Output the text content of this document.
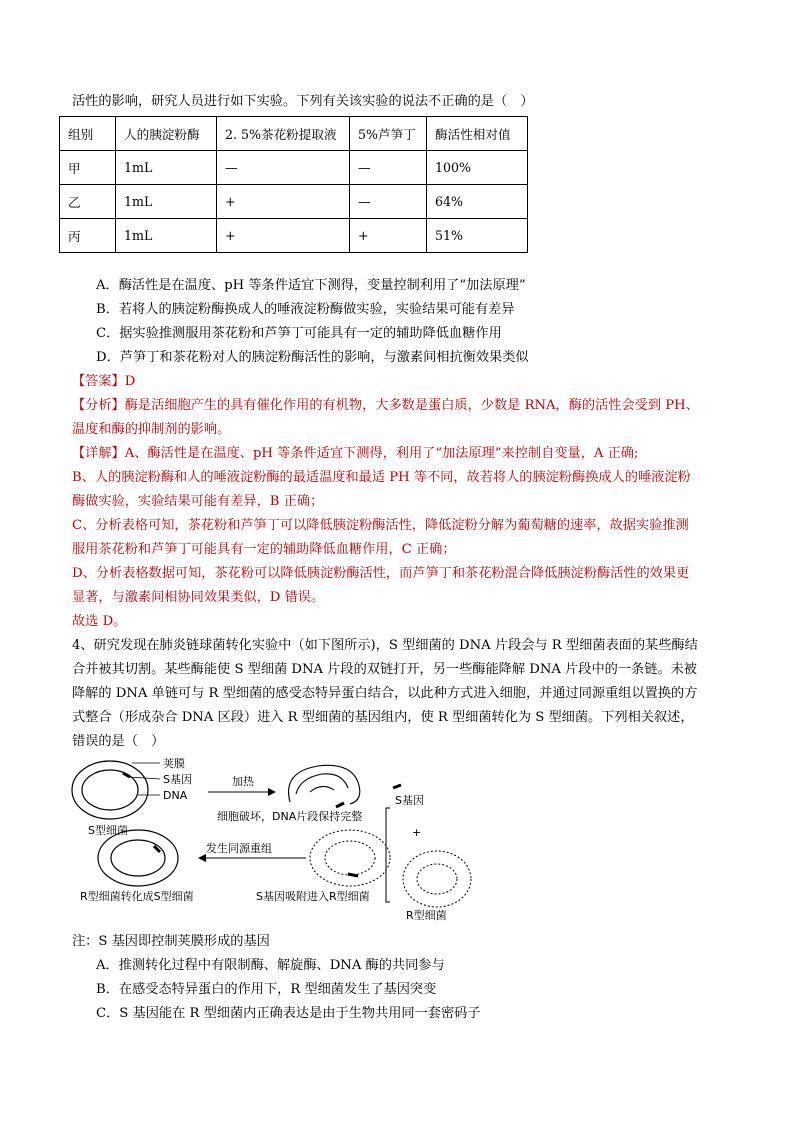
活性的影响，研究人员进行如下实验。下列有关该实验的说法不正确的是（　）
组别	人的胰淀粉酶	2. 5%茶花粉提取液	5%芦笋丁	酶活性相对值
甲	1mL	—	—	100%
乙	1mL	+	—	64%
丙	1mL	+	+	51%
A．酶活性是在温度、pH 等条件适宜下测得，变量控制利用了“加法原理”
B．若将人的胰淀粉酶换成人的唾液淀粉酶做实验，实验结果可能有差异
C．据实验推测服用茶花粉和芦笋丁可能具有一定的辅助降低血糖作用
D．芦笋丁和茶花粉对人的胰淀粉酶活性的影响，与激素间相抗衡效果类似
【答案】D
【分析】酶是活细胞产生的具有催化作用的有机物，大多数是蛋白质，少数是 RNA，酶的活性会受到 PH、
温度和酶的抑制剂的影响。
【详解】A、酶活性是在温度、pH 等条件适宜下测得，利用了“加法原理”来控制自变量，A 正确;
B、人的胰淀粉酶和人的唾液淀粉酶的最适温度和最适 PH 等不同，故若将人的胰淀粉酶换成人的唾液淀粉
酶做实验，实验结果可能有差异，B 正确；
C、分析表格可知，茶花粉和芦笋丁可以降低胰淀粉酶活性，降低淀粉分解为葡萄糖的速率，故据实验推测
服用茶花粉和芦笋丁可能具有一定的辅助降低血糖作用，C 正确；
D、分析表格数据可知，茶花粉可以降低胰淀粉酶活性，而芦笋丁和茶花粉混合降低胰淀粉酶活性的效果更
显著，与激素间相协同效果类似，D 错误。
故选 D。
4、研究发现在肺炎链球菌转化实验中（如下图所示)，S 型细菌的 DNA 片段会与 R 型细菌表面的某些酶结
合并被其切割。某些酶能使 S 型细菌 DNA 片段的双链打开，另一些酶能降解 DNA 片段中的一条链。未被
降解的 DNA 单链可与 R 型细菌的感受态特异蛋白结合，以此种方式进入细胞，并通过同源重组以置换的方
式整合（形成杂合 DNA 区段）进入 R 型细菌的基因组内，使 R 型细菌转化为 S 型细菌。下列相关叙述，
错误的是（　）
荚膜
S基因
DNA
S型细菌
加热
S基因
细胞破坏，DNA片段保持完整
+
R型细菌
S基因吸附进入R型细菌
发生同源重组
R型细菌转化成S型细菌
注：S 基因即控制荚膜形成的基因
A．推测转化过程中有限制酶、解旋酶、DNA 酶的共同参与
B．在感受态特异蛋白的作用下，R 型细菌发生了基因突变
C．S 基因能在 R 型细菌内正确表达是由于生物共用同一套密码子
